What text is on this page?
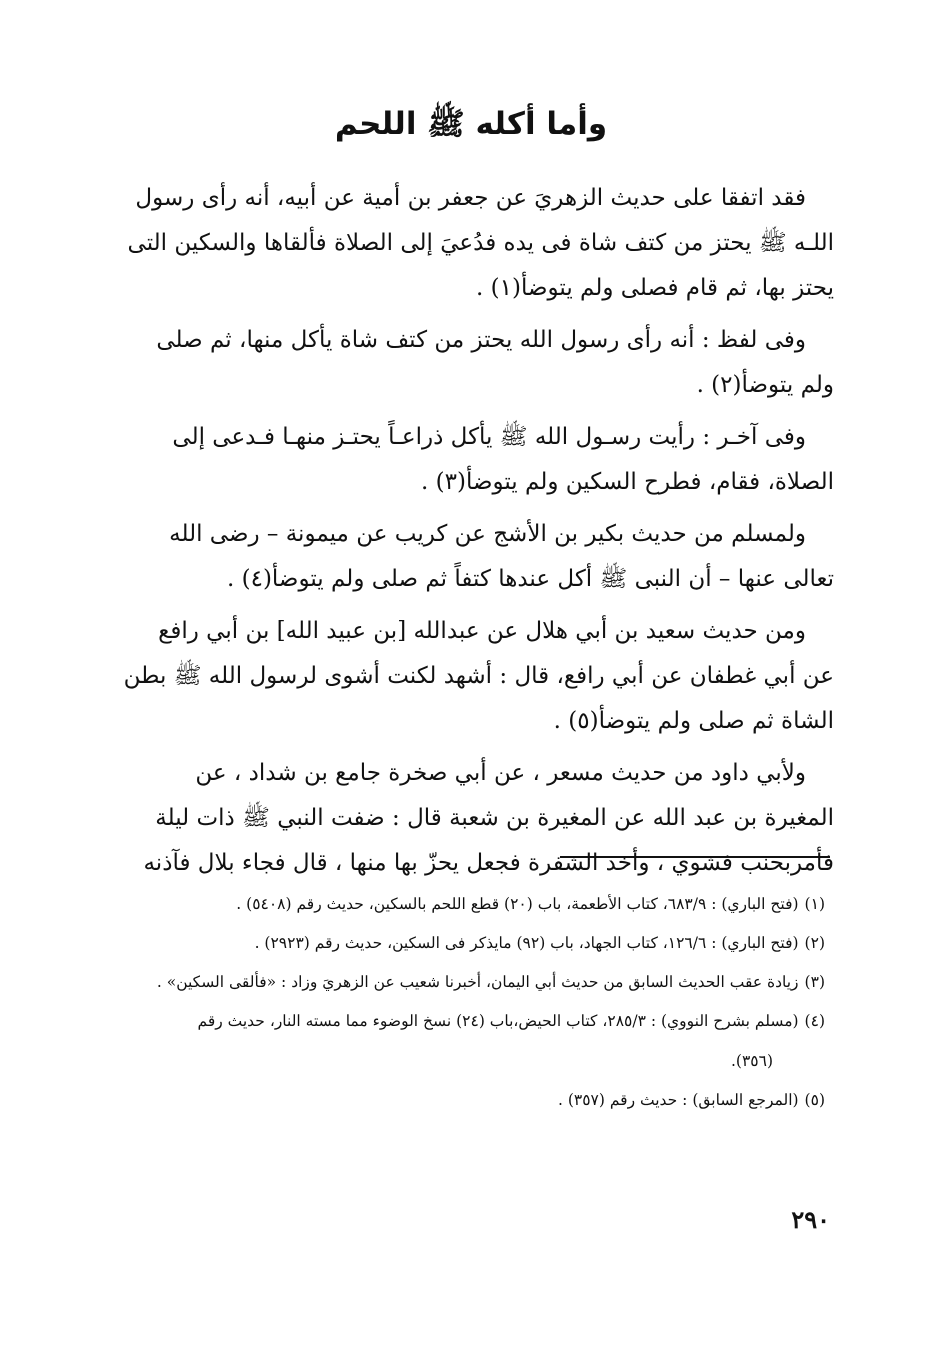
وأما أكله ﷺ اللحم

فقد اتفقا على حديث الزهريَ عن جعفر بن أمية عن أبيه، أنه رأى رسول
اللـه ﷺ يحتز من كتف شاة فى يده فدُعيَ إلى الصلاة فألقاها والسكين التى
يحتز بها، ثم قام فصلى ولم يتوضأ(١) .

وفى لفظ : أنه رأى رسول الله يحتز من كتف شاة يأكل منها، ثم صلى
ولم يتوضأ(٢) .

وفى آخـر : رأيت رسـول الله ﷺ يأكل ذراعـاً يحتـز منهـا فـدعى إلى
الصلاة، فقام، فطرح السكين ولم يتوضأ(٣) .

ولمسلم من حديث بكير بن الأشج عن كريب عن ميمونة – رضى الله
تعالى عنها – أن النبى ﷺ أكل عندها كتفاً ثم صلى ولم يتوضأ(٤) .

ومن حديث سعيد بن أبي هلال عن عبدالله [بن عبيد الله] بن أبي رافع
عن أبي غطفان عن أبي رافع، قال : أشهد لكنت أشوى لرسول الله ﷺ بطن
الشاة ثم صلى ولم يتوضأ(٥) .

ولأبي داود من حديث مسعر ، عن أبي صخرة جامع بن شداد ، عن
المغيرة بن عبد الله عن المغيرة بن شعبة قال : ضفت النبي ﷺ ذات ليلة
فأمربحنب فشوي ، وأخذ الشفرة فجعل يحزّ بها منها ، قال فجاء بلال فآذنه

(١)(فتح الباري) : ٦٨٣/٩، كتاب الأطعمة، باب (٢٠) قطع اللحم بالسكين، حديث رقم (٥٤٠٨) .

(٢)(فتح الباري) : ١٢٦/٦، كتاب الجهاد، باب (٩٢) مايذكر فى السكين، حديث رقم (٢٩٢٣) .

(٣)زيادة عقب الحديث السابق من حديث أبي اليمان، أخبرنا شعيب عن الزهريَ وزاد : «فألقى السكين» .

(٤)(مسلم بشرح النووي) : ٢٨٥/٣، كتاب الحيض،باب (٢٤) نسخ الوضوء مما مسته النار، حديث رقم
(٣٥٦).

(٥)(المرجع السابق) : حديث رقم (٣٥٧) .

٢٩٠
